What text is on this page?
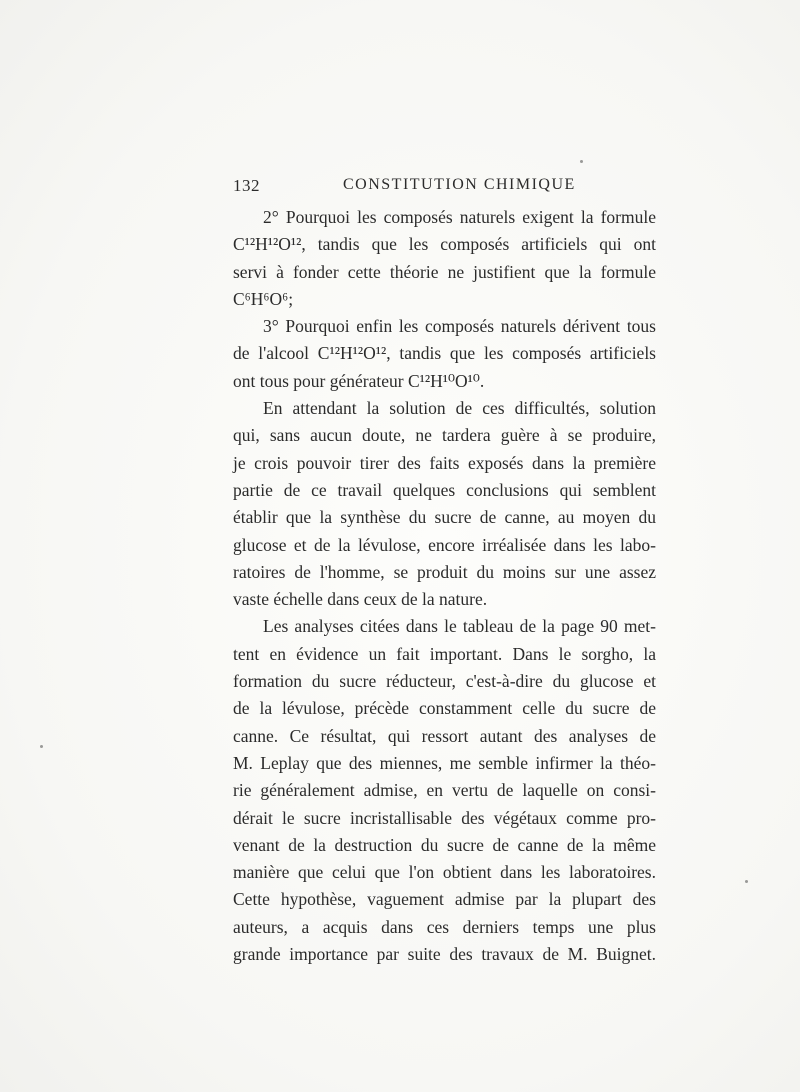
132	CONSTITUTION CHIMIQUE
2° Pourquoi les composés naturels exigent la formule
C¹²H¹²O¹², tandis que les composés artificiels qui ont
servi à fonder cette théorie ne justifient que la formule
C⁶H⁶O⁶;
3° Pourquoi enfin les composés naturels dérivent tous
de l'alcool C¹²H¹²O¹², tandis que les composés artificiels
ont tous pour générateur C¹²H¹⁰O¹⁰.
En attendant la solution de ces difficultés, solution
qui, sans aucun doute, ne tardera guère à se produire,
je crois pouvoir tirer des faits exposés dans la première
partie de ce travail quelques conclusions qui semblent
établir que la synthèse du sucre de canne, au moyen du
glucose et de la lévulose, encore irréalisée dans les labo-
ratoires de l'homme, se produit du moins sur une assez
vaste échelle dans ceux de la nature.
Les analyses citées dans le tableau de la page 90 met-
tent en évidence un fait important. Dans le sorgho, la
formation du sucre réducteur, c'est-à-dire du glucose et
de la lévulose, précède constamment celle du sucre de
canne. Ce résultat, qui ressort autant des analyses de
M. Leplay que des miennes, me semble infirmer la théo-
rie généralement admise, en vertu de laquelle on consi-
dérait le sucre incristallisable des végétaux comme pro-
venant de la destruction du sucre de canne de la même
manière que celui que l'on obtient dans les laboratoires.
Cette hypothèse, vaguement admise par la plupart des
auteurs, a acquis dans ces derniers temps une plus
grande importance par suite des travaux de M. Buignet.
